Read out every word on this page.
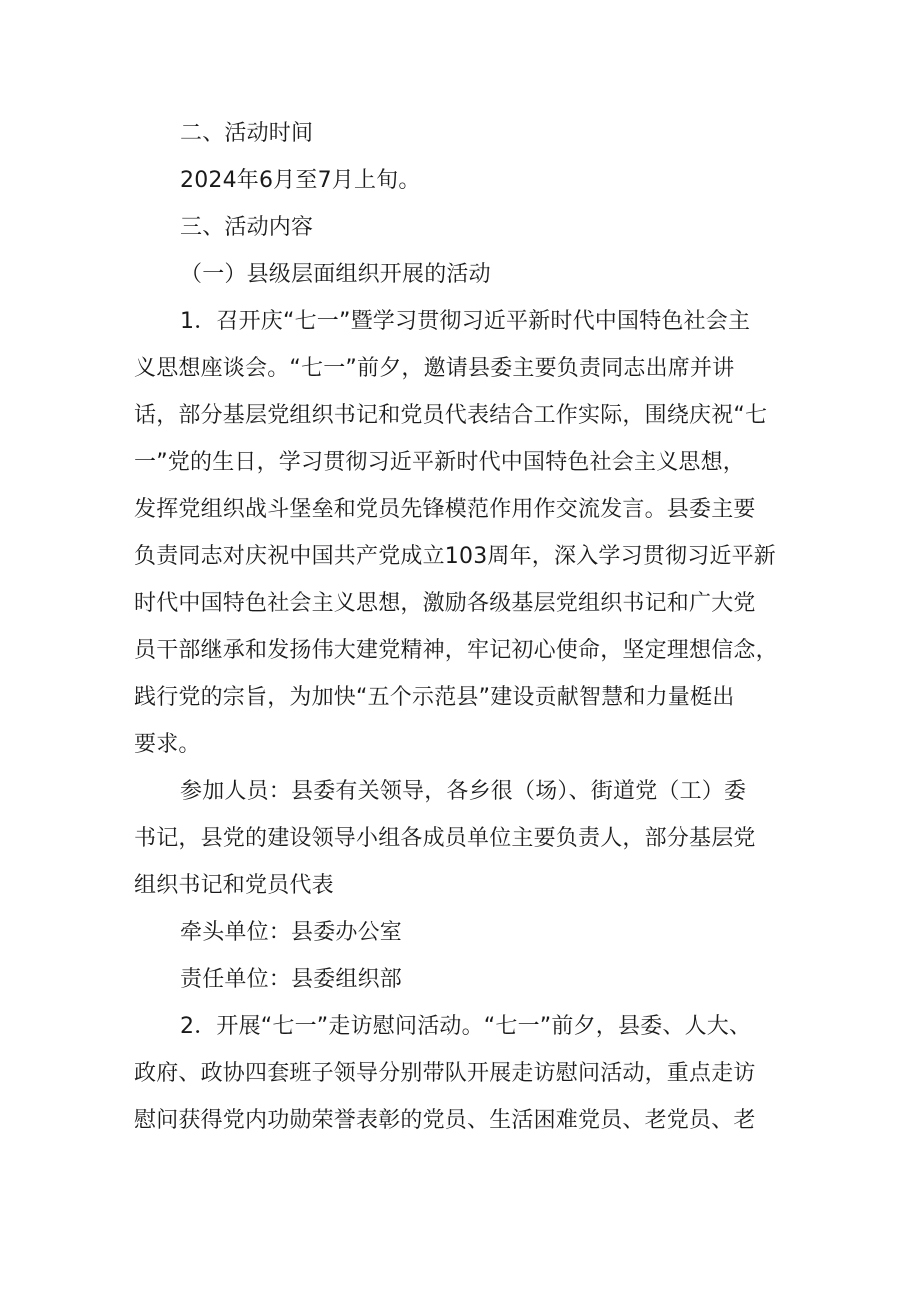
二、活动时间
2024年6月至7月上旬。
三、活动内容
（一）县级层面组织开展的活动
1．召开庆“七一”暨学习贯彻习近平新时代中国特色社会主
义思想座谈会。“七一”前夕，邀请县委主要负责同志出席并讲
话，部分基层党组织书记和党员代表结合工作实际，围绕庆祝“七
一”党的生日，学习贯彻习近平新时代中国特色社会主义思想，
发挥党组织战斗堡垒和党员先锋模范作用作交流发言。县委主要
负责同志对庆祝中国共产党成立103周年，深入学习贯彻习近平新
时代中国特色社会主义思想，激励各级基层党组织书记和广大党
员干部继承和发扬伟大建党精神，牢记初心使命，坚定理想信念，
践行党的宗旨，为加快“五个示范县”建设贡献智慧和力量梃出
要求。
参加人员：县委有关领导，各乡很（场）、街道党（工）委
书记，县党的建设领导小组各成员单位主要负责人，部分基层党
组织书记和党员代表
牵头单位：县委办公室
责任单位：县委组织部
2．开展“七一”走访慰问活动。“七一”前夕，县委、人大、
政府、政协四套班子领导分别带队开展走访慰问活动，重点走访
慰问获得党内功勋荣誉表彰的党员、生活困难党员、老党员、老
